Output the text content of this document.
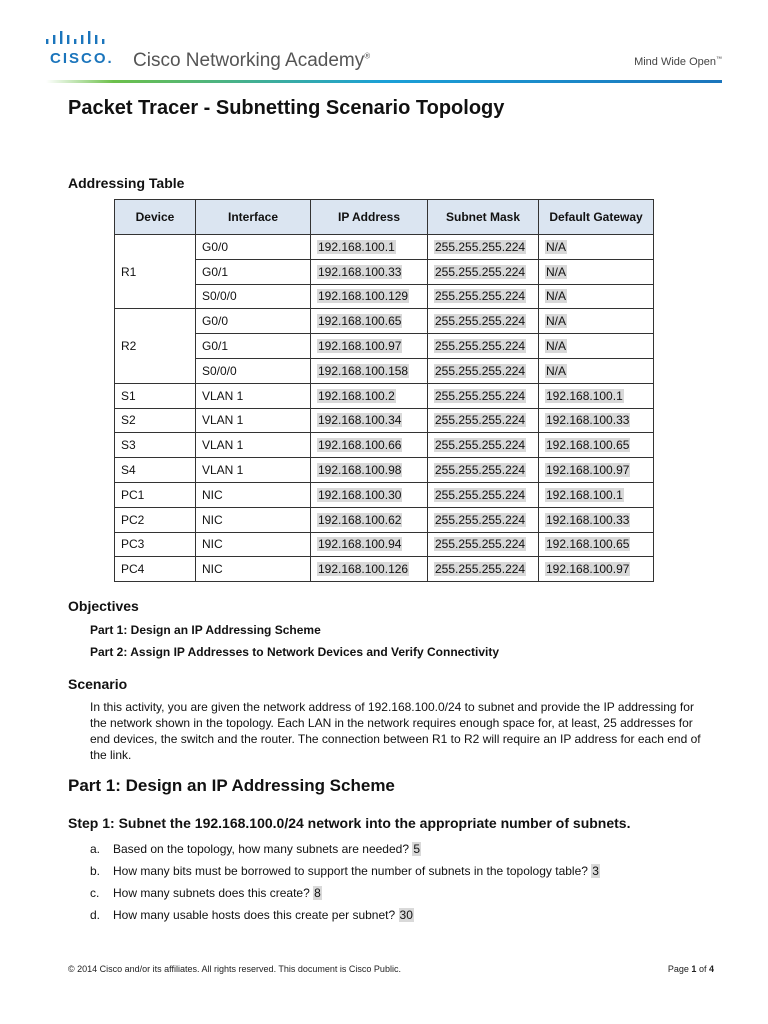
CISCO. Cisco Networking Academy®	Mind Wide Open™
Packet Tracer - Subnetting Scenario Topology
Addressing Table
Device	Interface	IP Address	Subnet Mask	Default Gateway
R1	G0/0	192.168.100.1	255.255.255.224	N/A
	G0/1	192.168.100.33	255.255.255.224	N/A
	S0/0/0	192.168.100.129	255.255.255.224	N/A
R2	G0/0	192.168.100.65	255.255.255.224	N/A
	G0/1	192.168.100.97	255.255.255.224	N/A
	S0/0/0	192.168.100.158	255.255.255.224	N/A
S1	VLAN 1	192.168.100.2	255.255.255.224	192.168.100.1
S2	VLAN 1	192.168.100.34	255.255.255.224	192.168.100.33
S3	VLAN 1	192.168.100.66	255.255.255.224	192.168.100.65
S4	VLAN 1	192.168.100.98	255.255.255.224	192.168.100.97
PC1	NIC	192.168.100.30	255.255.255.224	192.168.100.1
PC2	NIC	192.168.100.62	255.255.255.224	192.168.100.33
PC3	NIC	192.168.100.94	255.255.255.224	192.168.100.65
PC4	NIC	192.168.100.126	255.255.255.224	192.168.100.97
Objectives

Part 1: Design an IP Addressing Scheme

Part 2: Assign IP Addresses to Network Devices and Verify Connectivity

Scenario

In this activity, you are given the network address of 192.168.100.0/24 to subnet and provide the IP addressing for the network shown in the topology. Each LAN in the network requires enough space for, at least, 25 addresses for end devices, the switch and the router. The connection between R1 to R2 will require an IP address for each end of the link.

Part 1: Design an IP Addressing Scheme
Step 1: Subnet the 192.168.100.0/24 network into the appropriate number of subnets.

a. Based on the topology, how many subnets are needed? 5

b. How many bits must be borrowed to support the number of subnets in the topology table? 3

c. How many subnets does this create? 8

d. How many usable hosts does this create per subnet? 30

© 2014 Cisco and/or its affiliates. All rights reserved. This document is Cisco Public.	Page 1 of 4
